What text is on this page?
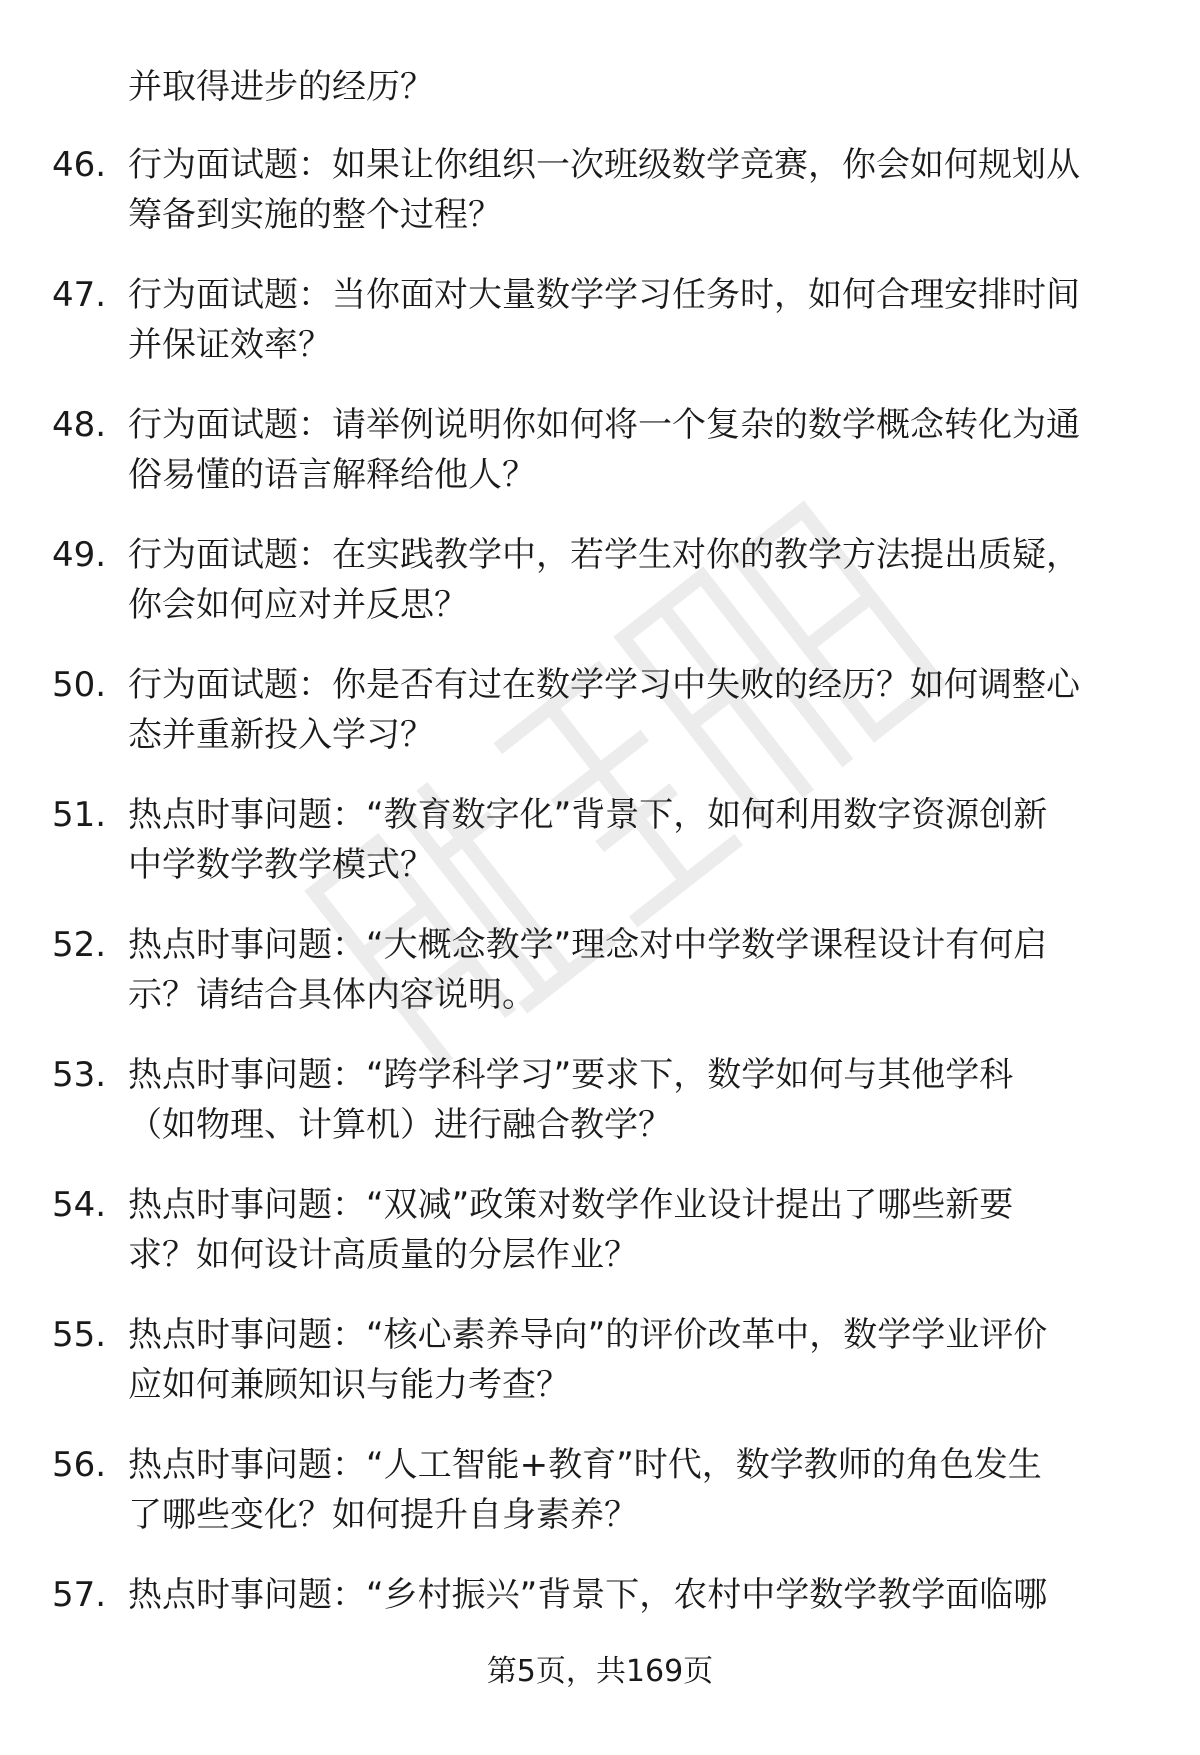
并取得进步的经历？
46. 行为面试题：如果让你组织一次班级数学竞赛，你会如何规划从
筹备到实施的整个过程？
47. 行为面试题：当你面对大量数学学习任务时，如何合理安排时间
并保证效率？
48. 行为面试题：请举例说明你如何将一个复杂的数学概念转化为通
俗易懂的语言解释给他人？
49. 行为面试题：在实践教学中，若学生对你的教学方法提出质疑，
你会如何应对并反思？
50. 行为面试题：你是否有过在数学学习中失败的经历？如何调整心
态并重新投入学习？
51. 热点时事问题：“教育数字化”背景下，如何利用数字资源创新
中学数学教学模式？
52. 热点时事问题：“大概念教学”理念对中学数学课程设计有何启
示？请结合具体内容说明。
53. 热点时事问题：“跨学科学习”要求下，数学如何与其他学科
（如物理、计算机）进行融合教学？
54. 热点时事问题：“双减”政策对数学作业设计提出了哪些新要
求？如何设计高质量的分层作业？
55. 热点时事问题：“核心素养导向”的评价改革中，数学学业评价
应如何兼顾知识与能力考查？
56. 热点时事问题：“人工智能+教育”时代，数学教师的角色发生
了哪些变化？如何提升自身素养？
57. 热点时事问题：“乡村振兴”背景下，农村中学数学教学面临哪
第5页，共169页
